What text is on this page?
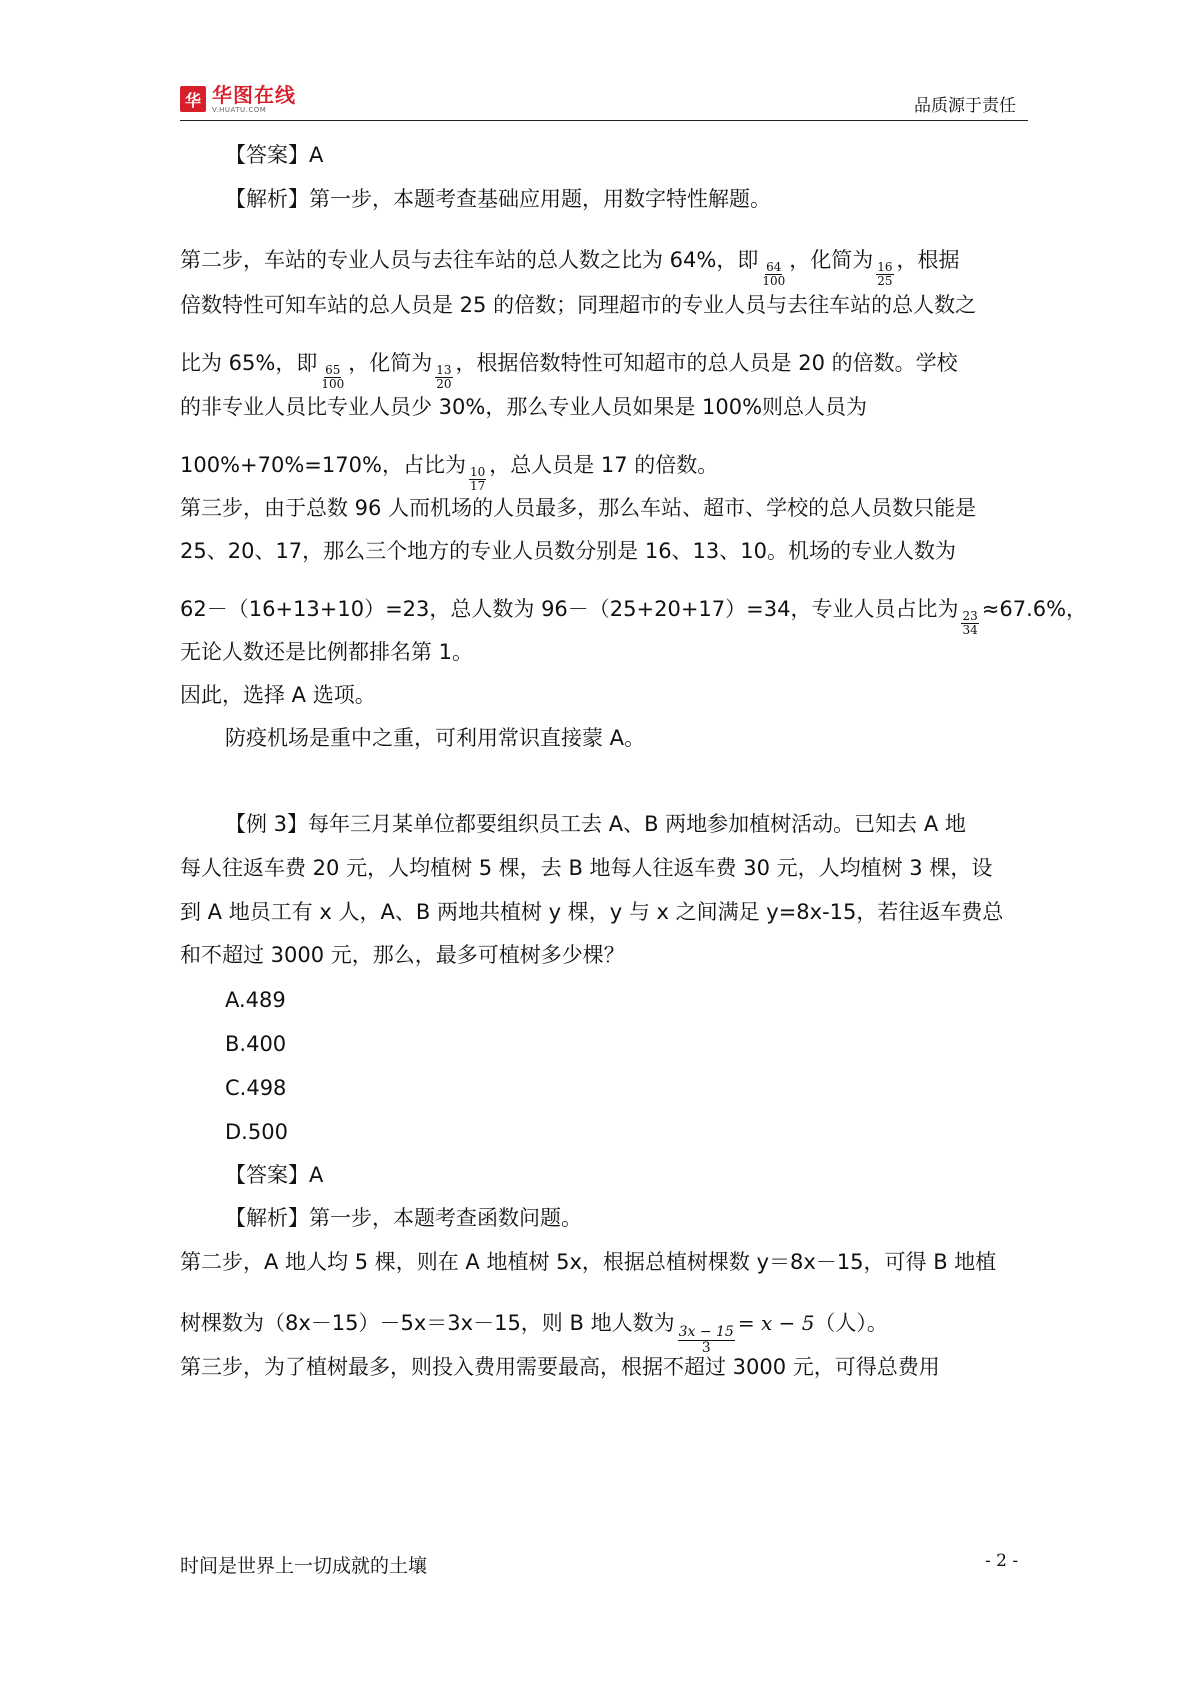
华 华图在线
V.HUATU.COM	品质源于责任
【答案】A
【解析】第一步，本题考查基础应用题，用数字特性解题。
第二步，车站的专业人员与去往车站的总人数之比为 64%，即
$\frac{64}{100}$
，化简为
$\frac{16}{25}$
，根据
倍数特性可知车站的总人员是 25 的倍数；同理超市的专业人员与去往车站的总人数之
比为 65%，即
$\frac{65}{100}$
，化简为
$\frac{13}{20}$
，根据倍数特性可知超市的总人员是 20 的倍数。学校
的非专业人员比专业人员少 30%，那么专业人员如果是 100%则总人员为
100%+70%=170%，占比为
$\frac{10}{17}$
，总人员是 17 的倍数。
第三步，由于总数 96 人而机场的人员最多，那么车站、超市、学校的总人员数只能是
25、20、17，那么三个地方的专业人员数分别是 16、13、10。机场的专业人数为
62－（16+13+10）=23，总人数为 96－（25+20+17）=34，专业人员占比为
$\frac{23}{34}$
≈67.6%，
无论人数还是比例都排名第 1。
因此，选择 A 选项。
防疫机场是重中之重，可利用常识直接蒙 A。
【例 3】每年三月某单位都要组织员工去 A、B 两地参加植树活动。已知去 A 地
每人往返车费 20 元，人均植树 5 棵，去 B 地每人往返车费 30 元，人均植树 3 棵，设
到 A 地员工有 x 人，A、B 两地共植树 y 棵，y 与 x 之间满足 y=8x-15，若往返车费总
和不超过 3000 元，那么，最多可植树多少棵？
A.489
B.400
C.498
D.500
【答案】A
【解析】第一步，本题考查函数问题。
第二步，A 地人均 5 棵，则在 A 地植树 5x，根据总植树棵数 y＝8x－15，可得 B 地植
树棵数为（8x－15）－5x＝3x－15，则 B 地人数为
$\frac{3x - 15}{3}$
= x − 5（人）。
第三步，为了植树最多，则投入费用需要最高，根据不超过 3000 元，可得总费用
时间是世界上一切成就的土壤	- 2 -
